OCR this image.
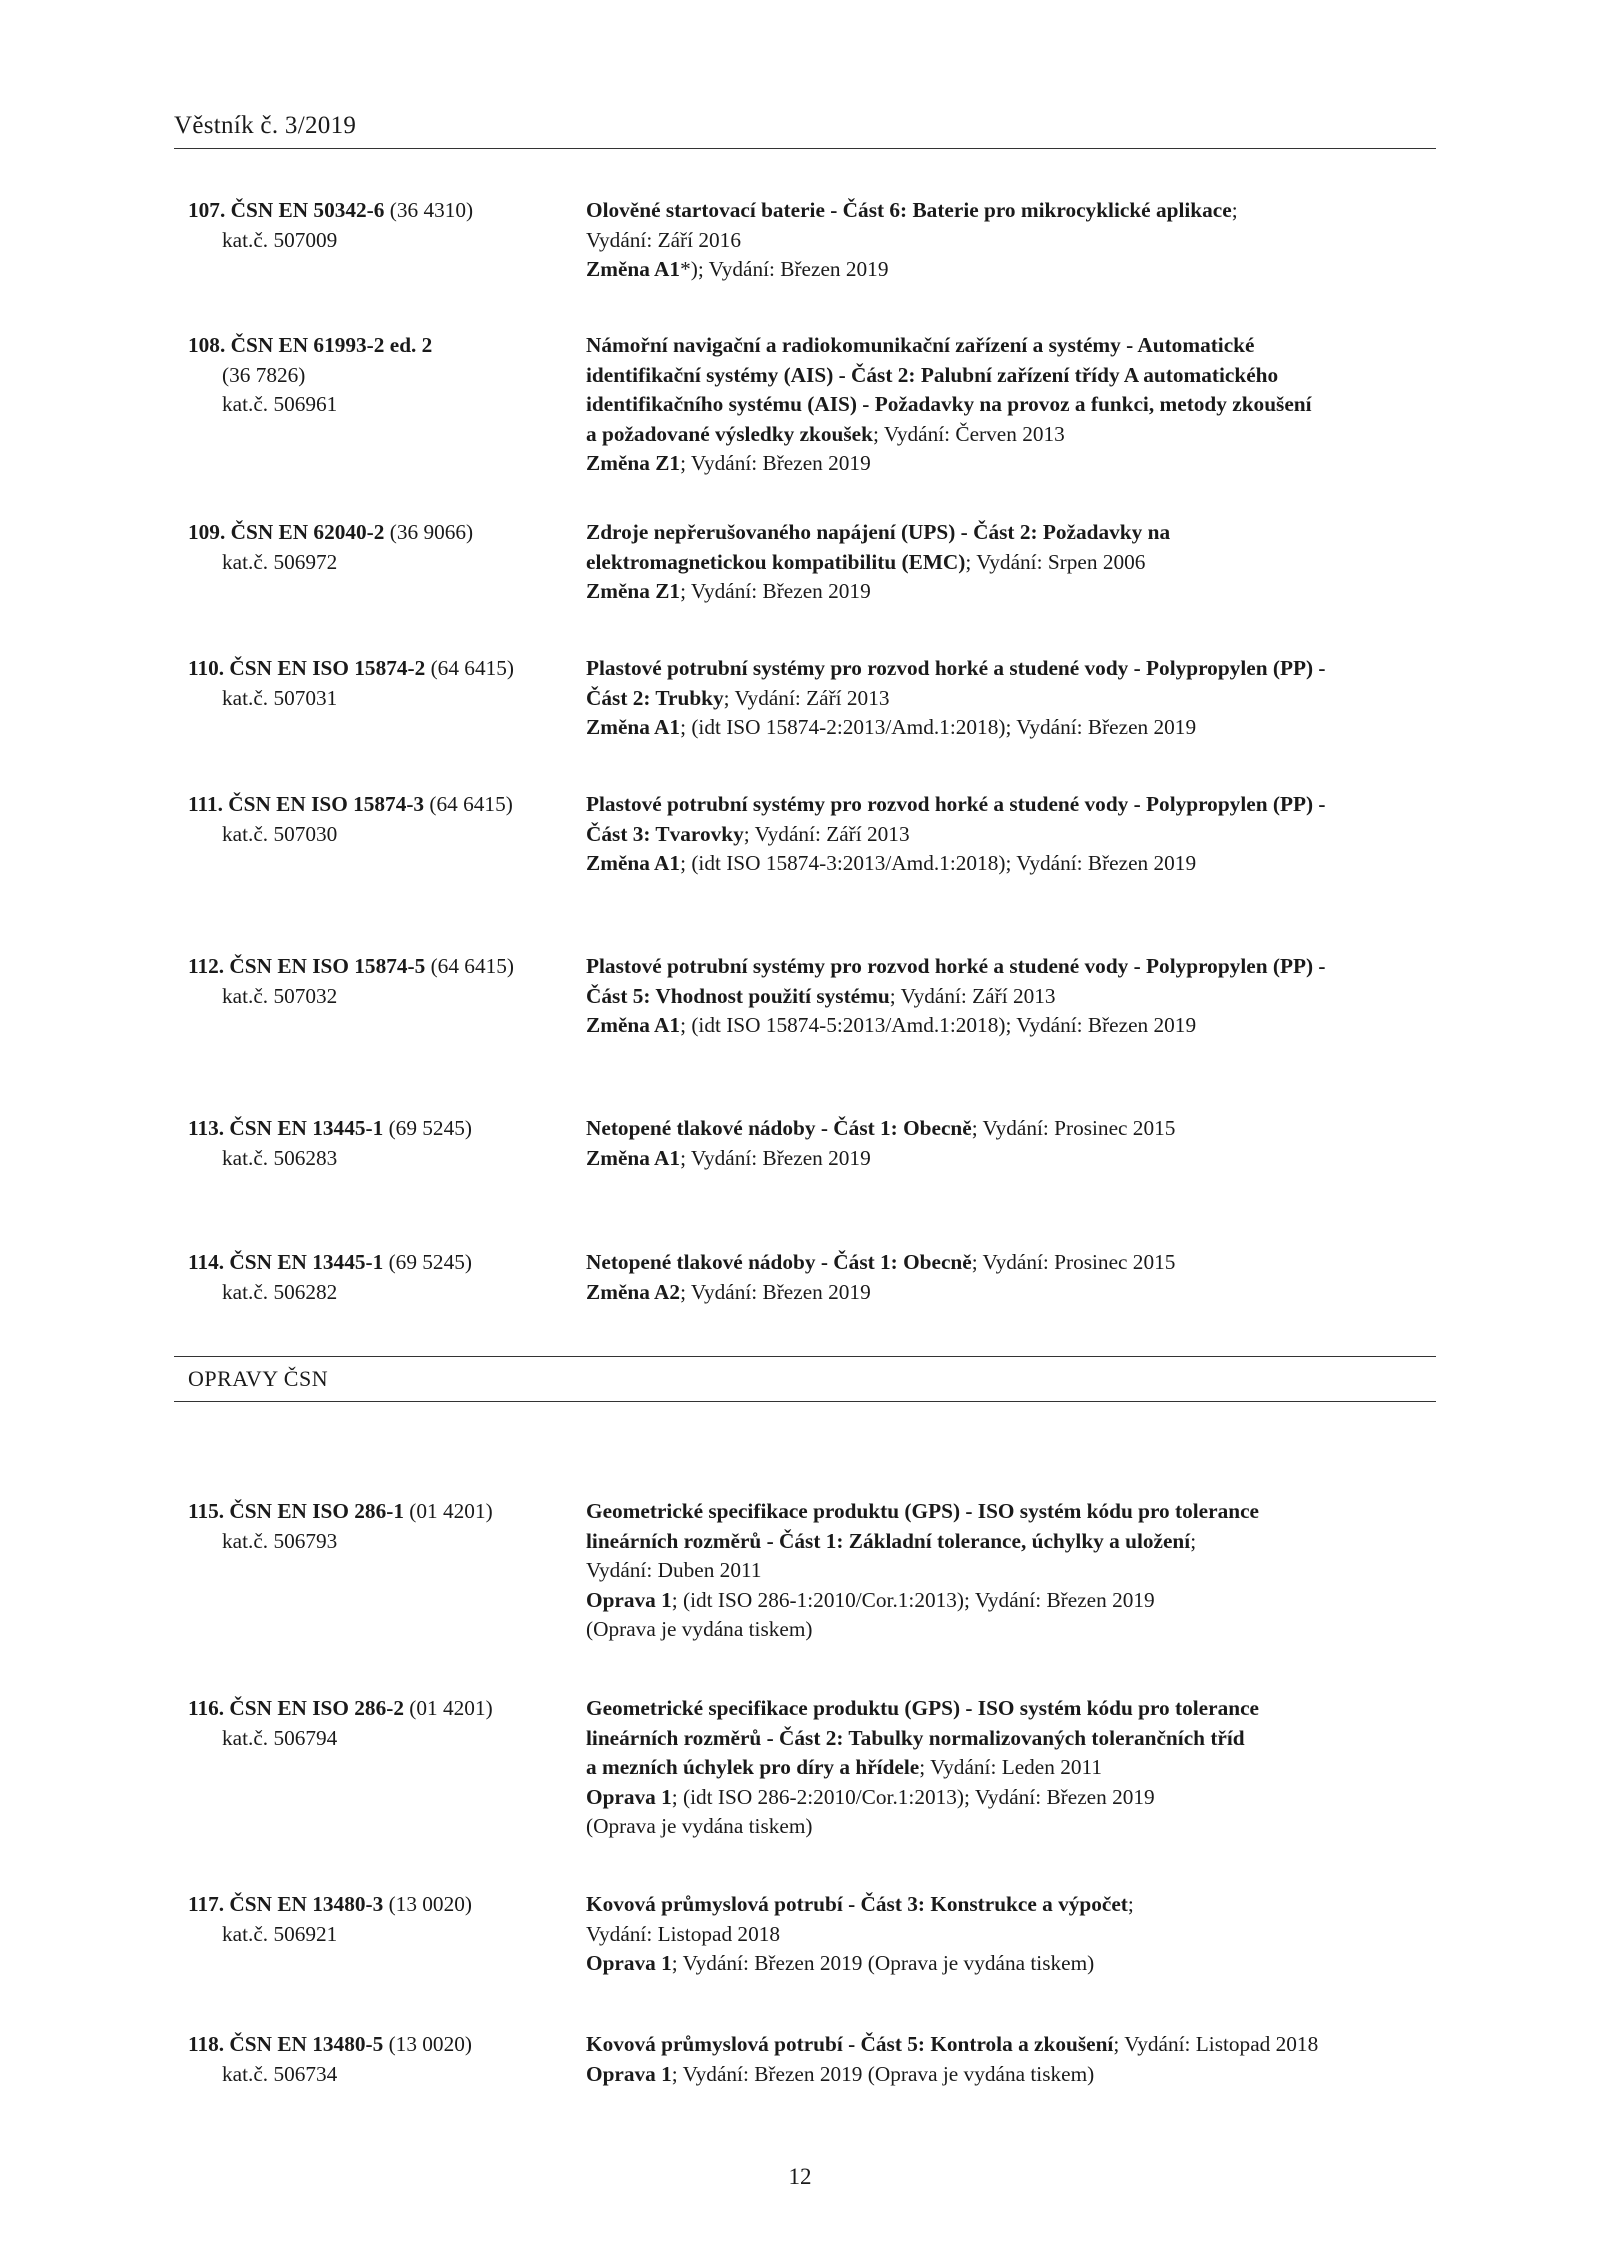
Věstník č. 3/2019
107. ČSN EN 50342-6 (36 4310)
kat.č. 507009
Olověné startovací baterie - Část 6: Baterie pro mikrocyklické aplikace;
Vydání: Září 2016
Změna A1*); Vydání: Březen 2019
108. ČSN EN 61993-2 ed. 2
(36 7826)
kat.č. 506961
Námořní navigační a radiokomunikační zařízení a systémy - Automatické
identifikační systémy (AIS) - Část 2: Palubní zařízení třídy A automatického
identifikačního systému (AIS) - Požadavky na provoz a funkci, metody zkoušení
a požadované výsledky zkoušek; Vydání: Červen 2013
Změna Z1; Vydání: Březen 2019
109. ČSN EN 62040-2 (36 9066)
kat.č. 506972
Zdroje nepřerušovaného napájení (UPS) - Část 2: Požadavky na
elektromagnetickou kompatibilitu (EMC); Vydání: Srpen 2006
Změna Z1; Vydání: Březen 2019
110. ČSN EN ISO 15874-2 (64 6415)
kat.č. 507031
Plastové potrubní systémy pro rozvod horké a studené vody - Polypropylen (PP) -
Část 2: Trubky; Vydání: Září 2013
Změna A1; (idt ISO 15874-2:2013/Amd.1:2018); Vydání: Březen 2019
111. ČSN EN ISO 15874-3 (64 6415)
kat.č. 507030
Plastové potrubní systémy pro rozvod horké a studené vody - Polypropylen (PP) -
Část 3: Tvarovky; Vydání: Září 2013
Změna A1; (idt ISO 15874-3:2013/Amd.1:2018); Vydání: Březen 2019
112. ČSN EN ISO 15874-5 (64 6415)
kat.č. 507032
Plastové potrubní systémy pro rozvod horké a studené vody - Polypropylen (PP) -
Část 5: Vhodnost použití systému; Vydání: Září 2013
Změna A1; (idt ISO 15874-5:2013/Amd.1:2018); Vydání: Březen 2019
113. ČSN EN 13445-1 (69 5245)
kat.č. 506283
Netopené tlakové nádoby - Část 1: Obecně; Vydání: Prosinec 2015
Změna A1; Vydání: Březen 2019
114. ČSN EN 13445-1 (69 5245)
kat.č. 506282
Netopené tlakové nádoby - Část 1: Obecně; Vydání: Prosinec 2015
Změna A2; Vydání: Březen 2019
OPRAVY ČSN
115. ČSN EN ISO 286-1 (01 4201)
kat.č. 506793
Geometrické specifikace produktu (GPS) - ISO systém kódu pro tolerance
lineárních rozměrů - Část 1: Základní tolerance, úchylky a uložení;
Vydání: Duben 2011
Oprava 1; (idt ISO 286-1:2010/Cor.1:2013); Vydání: Březen 2019
(Oprava je vydána tiskem)
116. ČSN EN ISO 286-2 (01 4201)
kat.č. 506794
Geometrické specifikace produktu (GPS) - ISO systém kódu pro tolerance
lineárních rozměrů - Část 2: Tabulky normalizovaných tolerančních tříd
a mezních úchylek pro díry a hřídele; Vydání: Leden 2011
Oprava 1; (idt ISO 286-2:2010/Cor.1:2013); Vydání: Březen 2019
(Oprava je vydána tiskem)
117. ČSN EN 13480-3 (13 0020)
kat.č. 506921
Kovová průmyslová potrubí - Část 3: Konstrukce a výpočet;
Vydání: Listopad 2018
Oprava 1; Vydání: Březen 2019 (Oprava je vydána tiskem)
118. ČSN EN 13480-5 (13 0020)
kat.č. 506734
Kovová průmyslová potrubí - Část 5: Kontrola a zkoušení; Vydání: Listopad 2018
Oprava 1; Vydání: Březen 2019 (Oprava je vydána tiskem)
12
